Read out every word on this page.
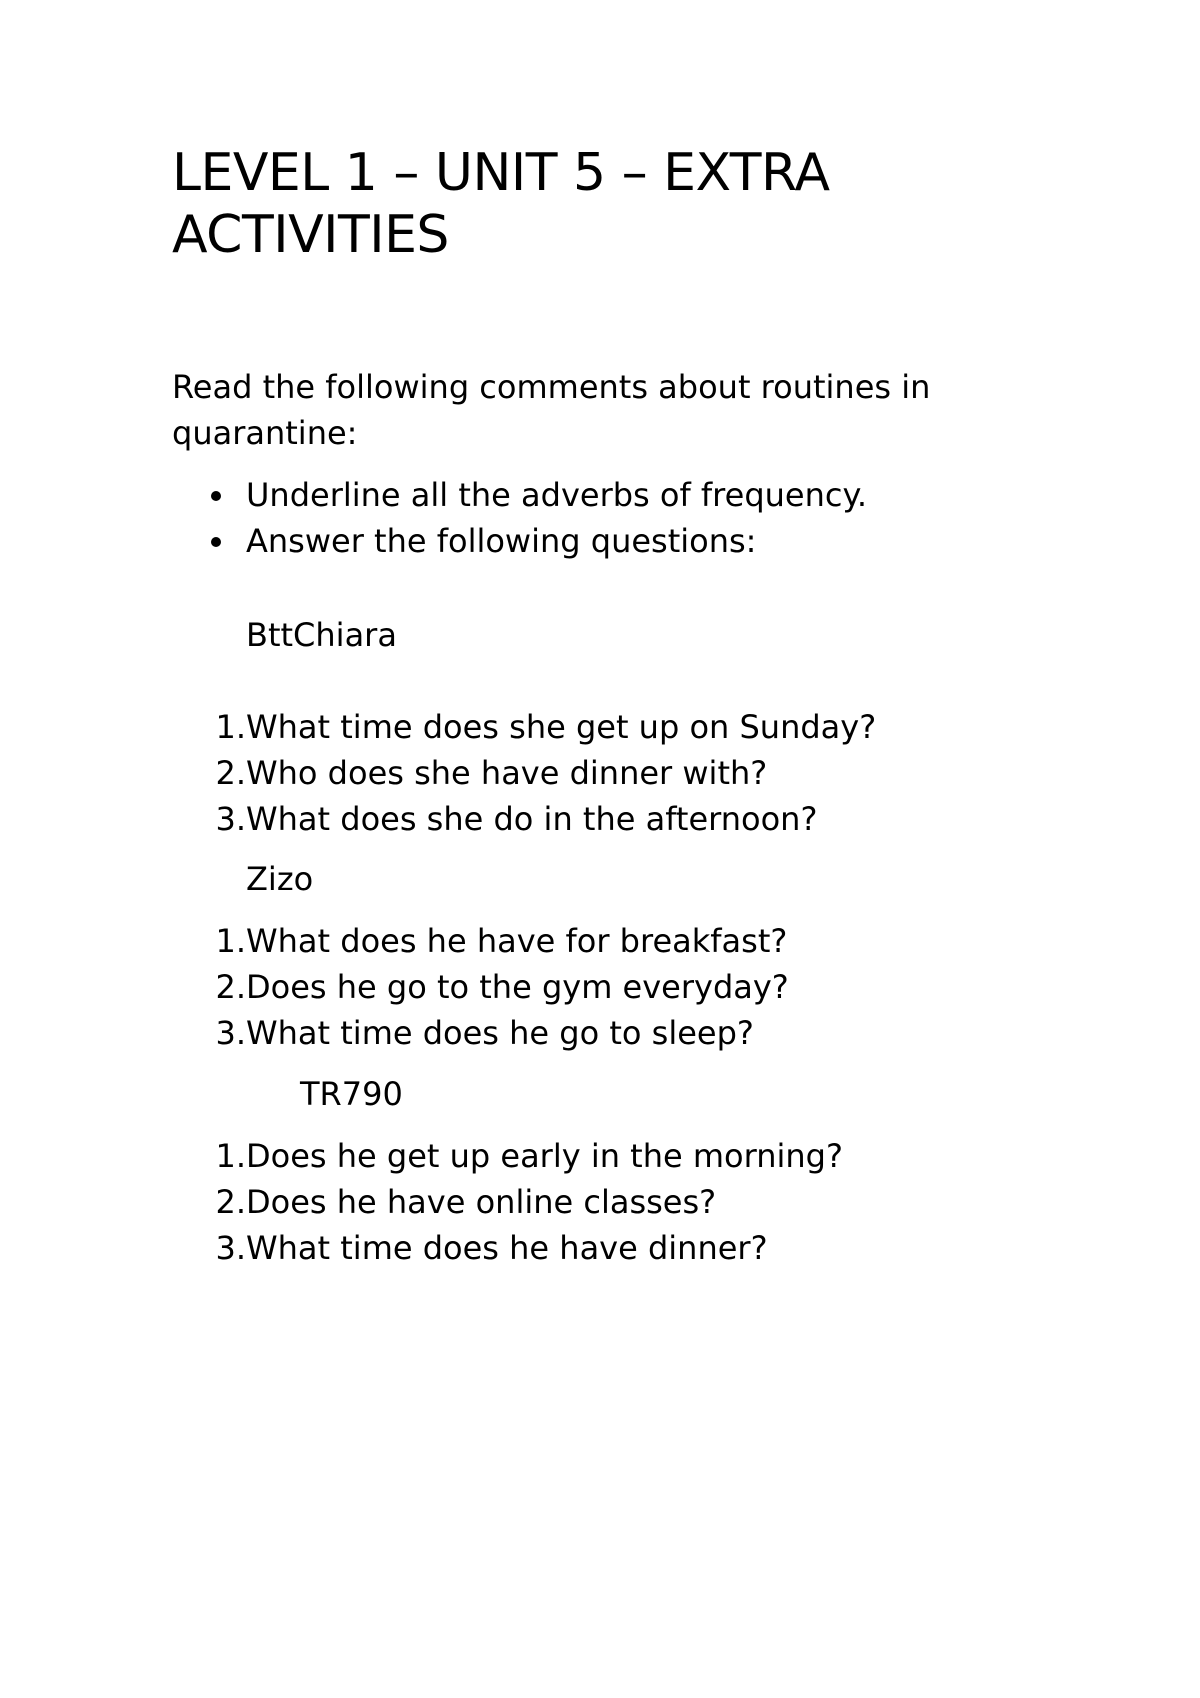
LEVEL 1 – UNIT 5 – EXTRA ACTIVITIES

Read the following comments about routines in quarantine:

Underline all the adverbs of frequency.
Answer the following questions:

BttChiara

1. What time does she get up on Sunday?
2. Who does she have dinner with?
3. What does she do in the afternoon?

Zizo

1. What does he have for breakfast?
2. Does he go to the gym everyday?
3. What time does he go to sleep?

TR790

1. Does he get up early in the morning?
2. Does he have online classes?
3. What time does he have dinner?
